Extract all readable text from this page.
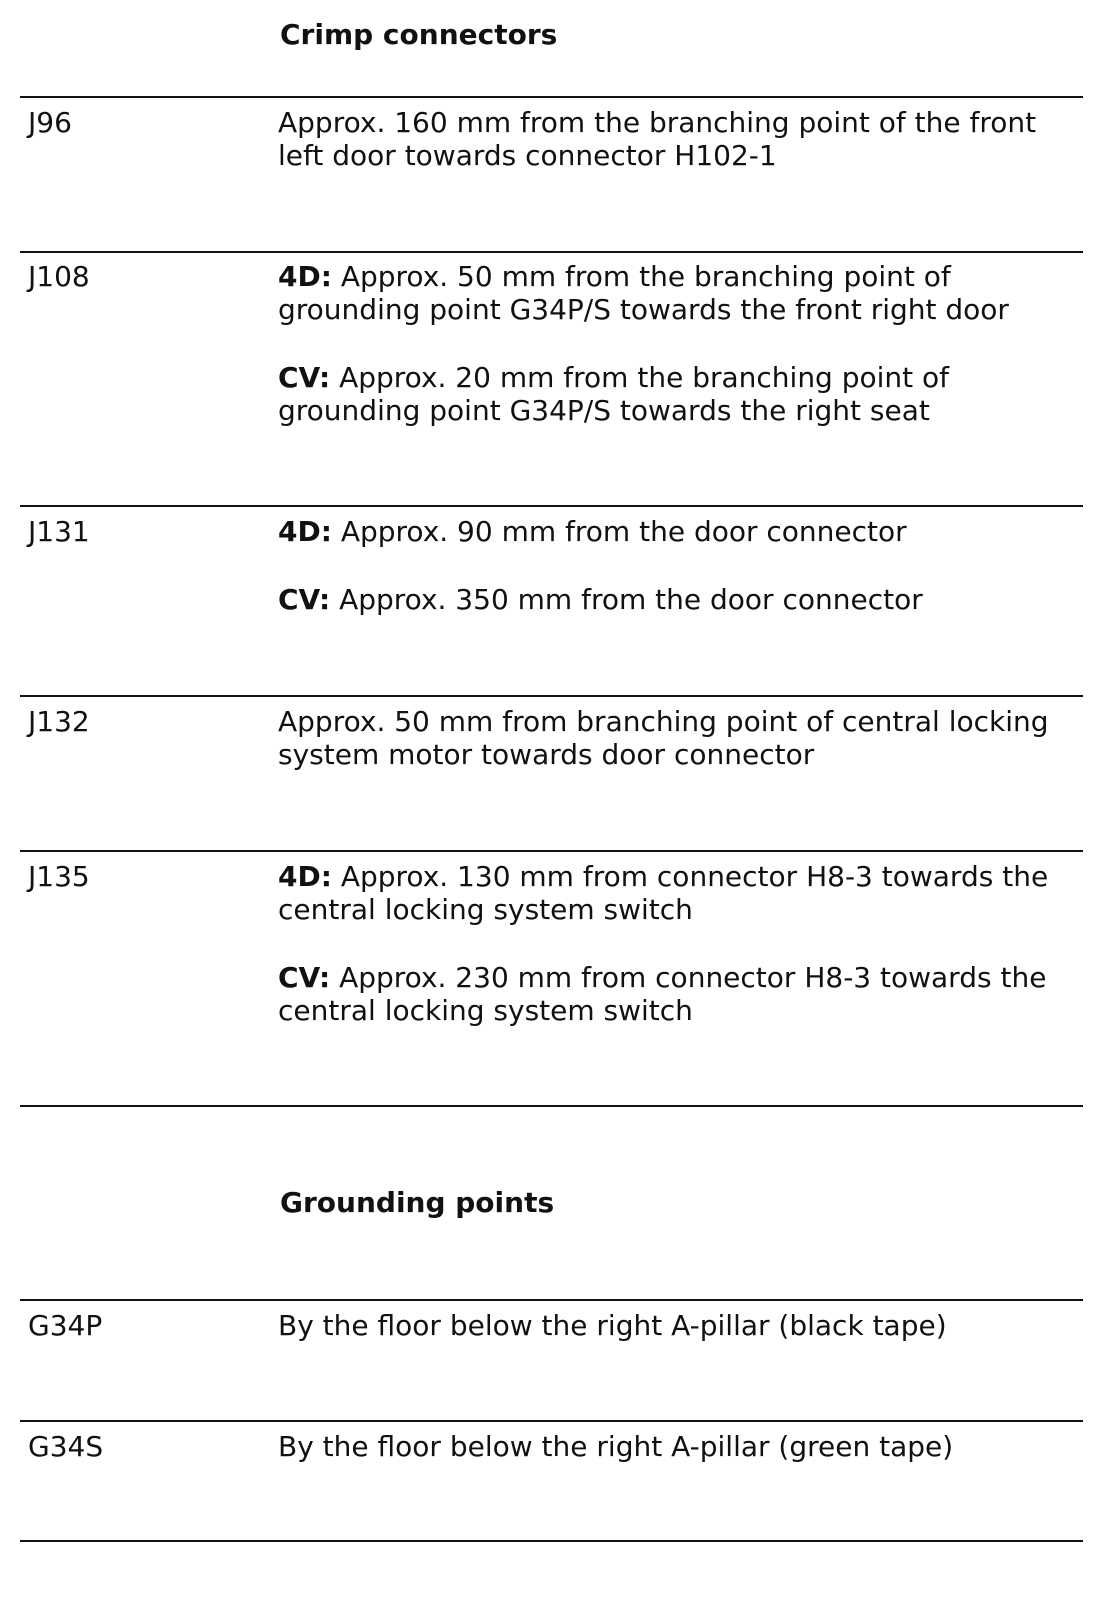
Crimp connectors
J96	Approx. 160 mm from the branching point of the front left door towards connector H102-1

J108	4D: Approx. 50 mm from the branching point of grounding point G34P/S towards the front right door

CV: Approx. 20 mm from the branching point of grounding point G34P/S towards the right seat

J131	4D: Approx. 90 mm from the door connector

CV: Approx. 350 mm from the door connector

J132	Approx. 50 mm from branching point of central locking system motor towards door connector

J135	4D: Approx. 130 mm from connector H8-3 towards the central locking system switch

CV: Approx. 230 mm from connector H8-3 towards the central locking system switch

Grounding points
G34P	By the floor below the right A-pillar (black tape)

G34S	By the floor below the right A-pillar (green tape)
